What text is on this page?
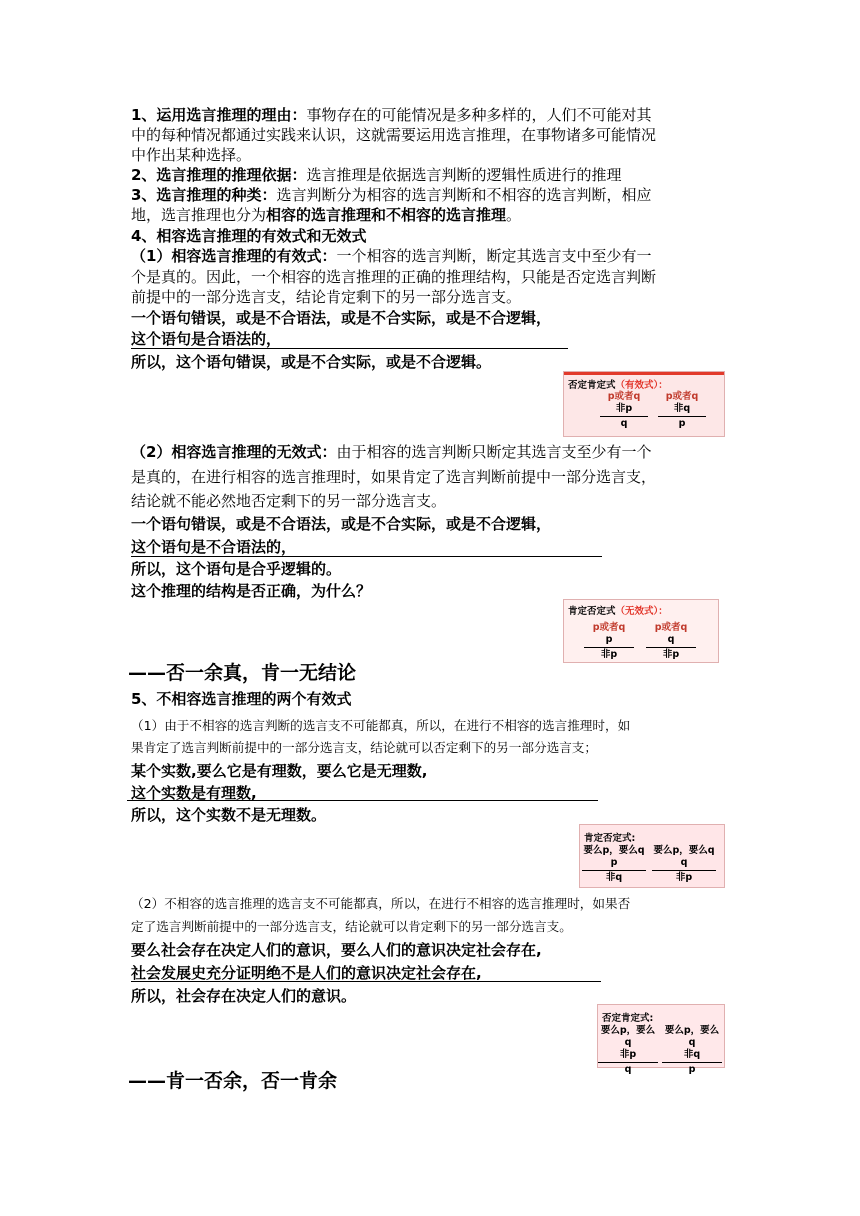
1、运用选言推理的理由：事物存在的可能情况是多种多样的，人们不可能对其
中的每种情况都通过实践来认识，这就需要运用选言推理，在事物诸多可能情况
中作出某种选择。
2、选言推理的推理依据：选言推理是依据选言判断的逻辑性质进行的推理
3、选言推理的种类：选言判断分为相容的选言判断和不相容的选言判断，相应
地，选言推理也分为相容的选言推理和不相容的选言推理。
4、相容选言推理的有效式和无效式
（1）相容选言推理的有效式：一个相容的选言判断，断定其选言支中至少有一
个是真的。因此，一个相容的选言推理的正确的推理结构，只能是否定选言判断
前提中的一部分选言支，结论肯定剩下的另一部分选言支。
一个语句错误，或是不合语法，或是不合实际，或是不合逻辑，
这个语句是合语法的，
所以，这个语句错误，或是不合实际，或是不合逻辑。
否定肯定式（有效式）：
p或者q
非p
q
p或者q
非q
p
（2）相容选言推理的无效式：由于相容的选言判断只断定其选言支至少有一个
是真的，在进行相容的选言推理时，如果肯定了选言判断前提中一部分选言支，
结论就不能必然地否定剩下的另一部分选言支。
一个语句错误，或是不合语法，或是不合实际，或是不合逻辑，
这个语句是不合语法的，
所以，这个语句是合乎逻辑的。
这个推理的结构是否正确，为什么？
肯定否定式（无效式）：
p或者q
p
非p
p或者q
q
非p
——否一余真，肯一无结论
5、不相容选言推理的两个有效式
（1）由于不相容的选言判断的选言支不可能都真，所以，在进行不相容的选言推理时，如
果肯定了选言判断前提中的一部分选言支，结论就可以否定剩下的另一部分选言支；
某个实数,要么它是有理数，要么它是无理数,
这个实数是有理数,
所以，这个实数不是无理数。
肯定否定式:
要么p，要么q
p
非q
要么p，要么q
q
非p
（2）不相容的选言推理的选言支不可能都真，所以，在进行不相容的选言推理时，如果否
定了选言判断前提中的一部分选言支，结论就可以肯定剩下的另一部分选言支。
要么社会存在决定人们的意识，要么人们的意识决定社会存在,
社会发展史充分证明绝不是人们的意识决定社会存在,
所以，社会存在决定人们的意识。
否定肯定式:
要么p，要么q
非p
q
要么p，要么q
非q
p
——肯一否余，否一肯余
